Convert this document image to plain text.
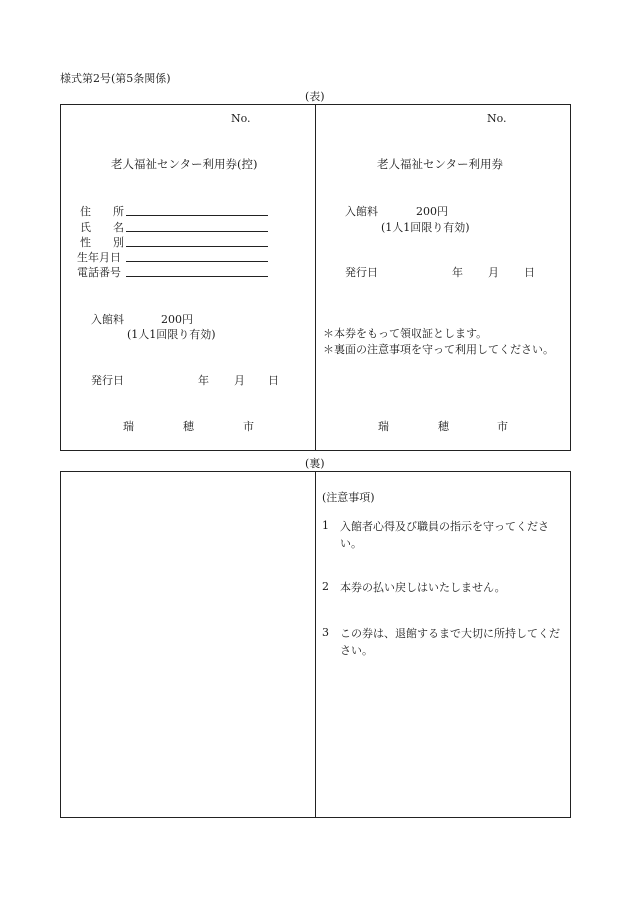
様式第2号(第5条関係)
(表)
No.
老人福祉センター利用券(控)
住 所
氏 名
性 別
生年月日
電話番号
入館料	200円
(1人1回限り有効)
発行日	年 月 日
瑞	穂	市
No.
老人福祉センター利用券
入館料	200円
(1人1回限り有効)
発行日	年 月 日
＊本券をもって領収証とします。
＊裏面の注意事項を守って利用してください。
瑞	穂	市
(裏)
(注意事項)
1 入館者心得及び職員の指示を守ってください。
2 本券の払い戻しはいたしません。
3 この券は、退館するまで大切に所持してください。
